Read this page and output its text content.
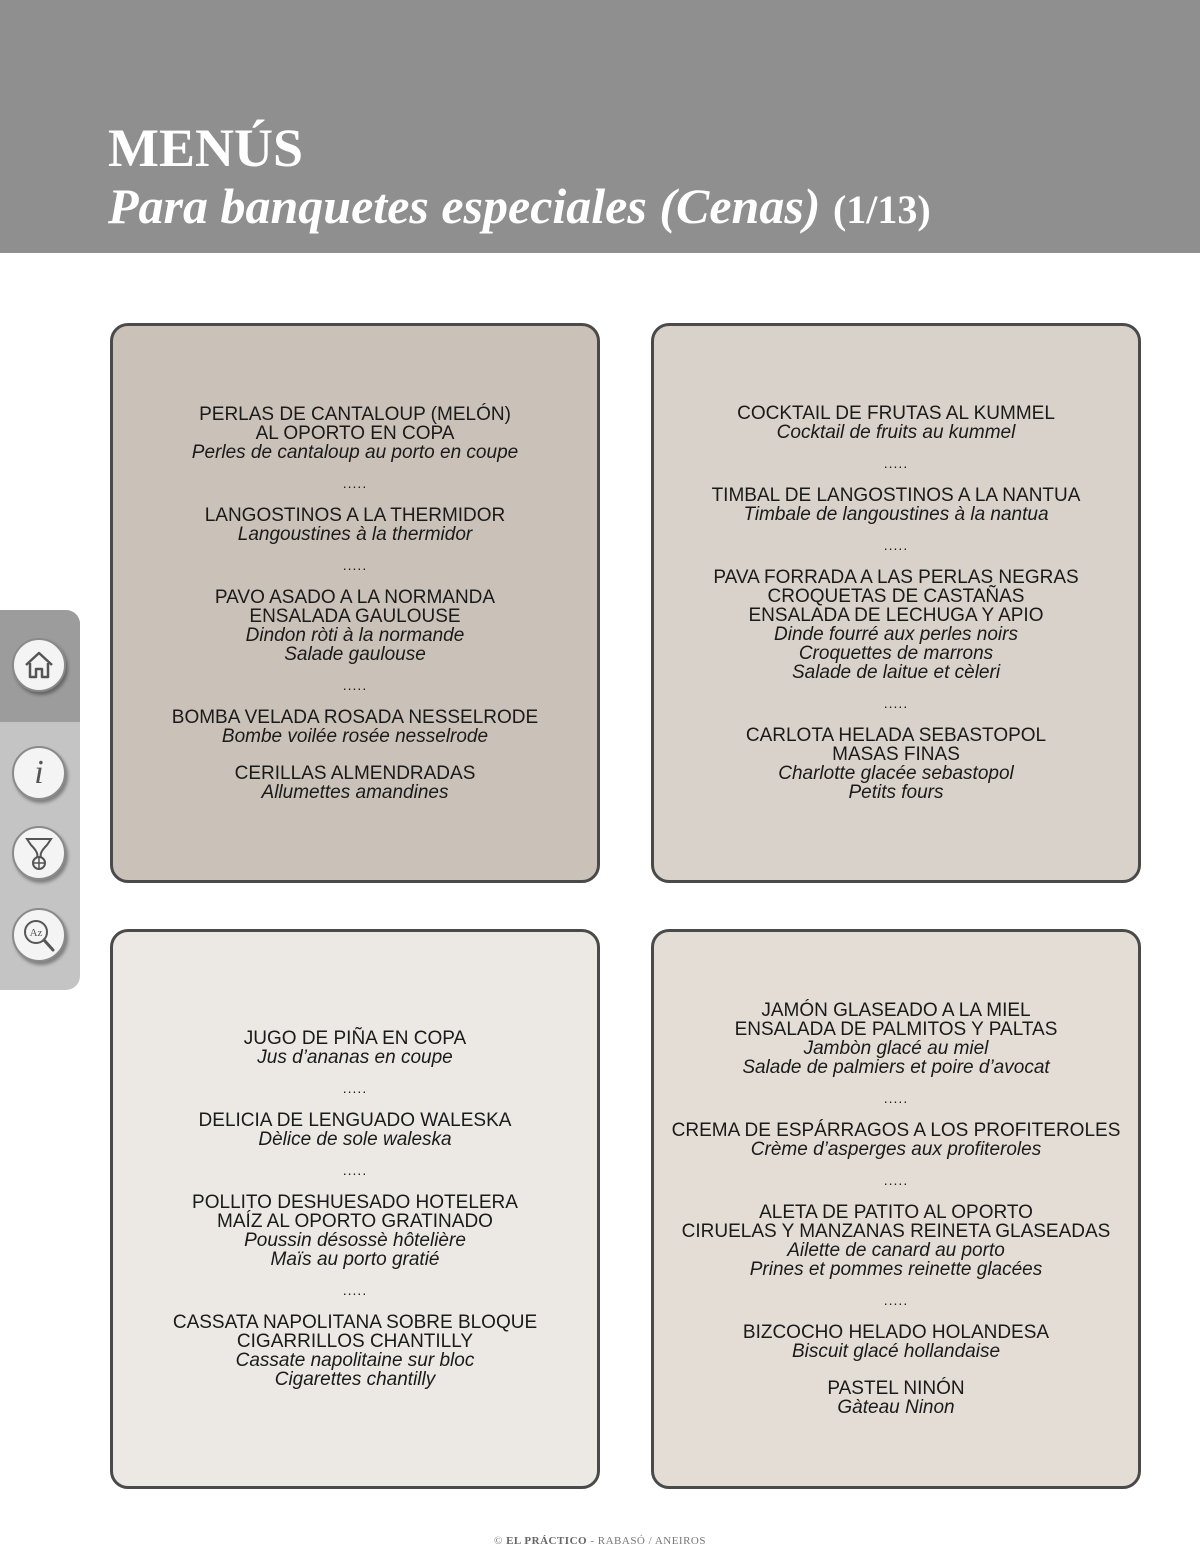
MENÚS
Para banquetes especiales (Cenas) (1/13)
PERLAS DE CANTALOUP (MELÓN)
AL OPORTO EN COPA
Perles de cantaloup au porto en coupe
.....
LANGOSTINOS A LA THERMIDOR
Langoustines à la thermidor
.....
PAVO ASADO A LA NORMANDA
ENSALADA GAULOUSE
Dindon ròti à la normande
Salade gaulouse
.....
BOMBA VELADA ROSADA NESSELRODE
Bombe voilée rosée nesselrode
CERILLAS ALMENDRADAS
Allumettes amandines
COCKTAIL DE FRUTAS AL KUMMEL
Cocktail de fruits au kummel
.....
TIMBAL DE LANGOSTINOS A LA NANTUA
Timbale de langoustines à la nantua
.....
PAVA FORRADA A LAS PERLAS NEGRAS
CROQUETAS DE CASTAÑAS
ENSALADA DE LECHUGA Y APIO
Dinde fourré aux perles noirs
Croquettes de marrons
Salade de laitue et cèleri
.....
CARLOTA HELADA SEBASTOPOL
MASAS FINAS
Charlotte glacée sebastopol
Petits fours
JUGO DE PIÑA EN COPA
Jus d’ananas en coupe
.....
DELICIA DE LENGUADO WALESKA
Dèlice de sole waleska
.....
POLLITO DESHUESADO HOTELERA
MAÍZ AL OPORTO GRATINADO
Poussin désossè hôtelière
Maïs au porto gratié
.....
CASSATA NAPOLITANA SOBRE BLOQUE
CIGARRILLOS CHANTILLY
Cassate napolitaine sur bloc
Cigarettes chantilly
JAMÓN GLASEADO A LA MIEL
ENSALADA DE PALMITOS Y PALTAS
Jambòn glacé au miel
Salade de palmiers et poire d’avocat
.....
CREMA DE ESPÁRRAGOS A LOS PROFITEROLES
Crème d’asperges aux profiteroles
.....
ALETA DE PATITO AL OPORTO
CIRUELAS Y MANZANAS REINETA GLASEADAS
Ailette de canard au porto
Prines et pommes reinette glacées
.....
BIZCOCHO HELADO HOLANDESA
Biscuit glacé hollandaise
PASTEL NINÓN
Gàteau Ninon
i
Az
© EL PRÁCTICO - RABASÓ / ANEIROS
